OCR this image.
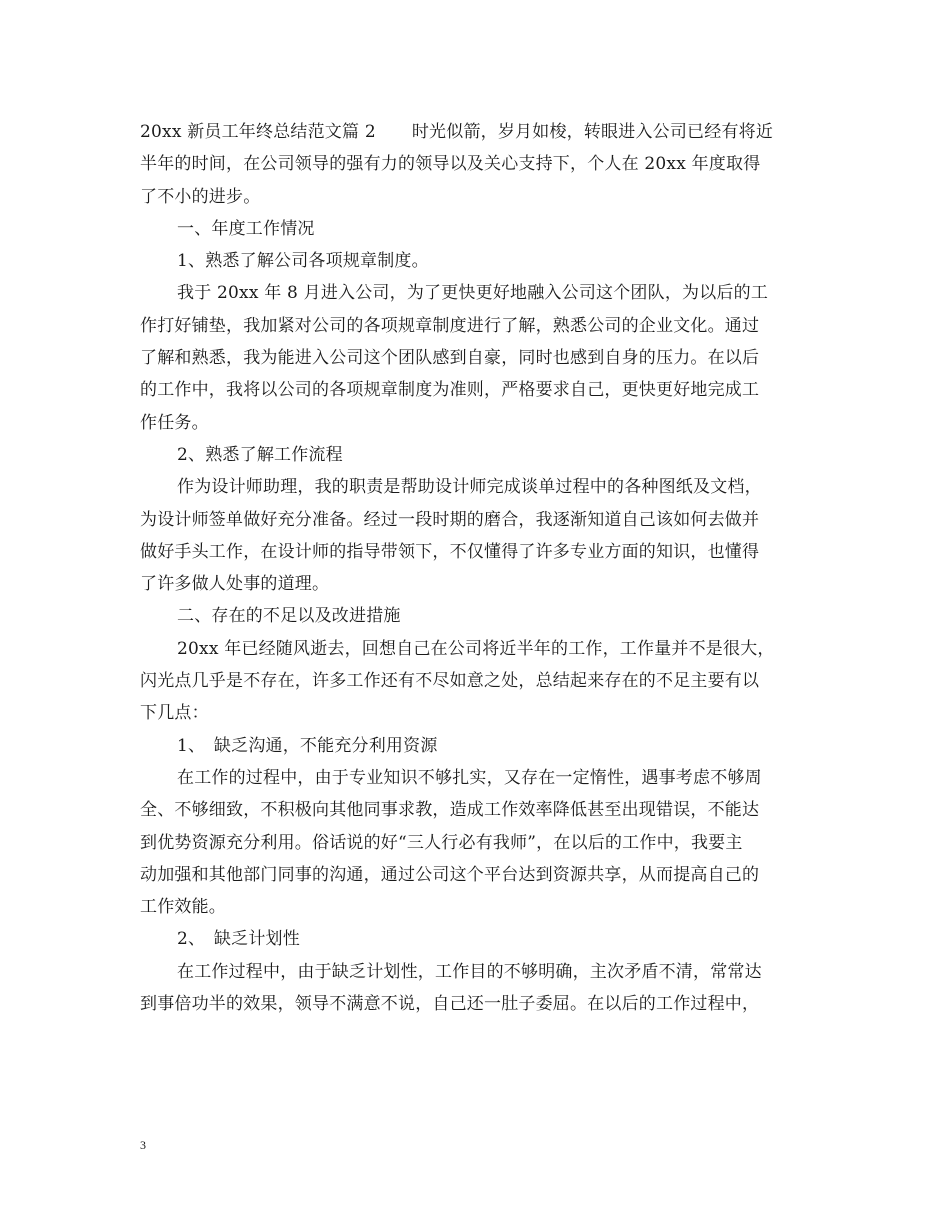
20xx 新员工年终总结范文篇 2 时光似箭，岁月如梭，转眼进入公司已经有将近
半年的时间，在公司领导的强有力的领导以及关心支持下，个人在 20xx 年度取得
了不小的进步。
一、年度工作情况
1、熟悉了解公司各项规章制度。
我于 20xx 年 8 月进入公司，为了更快更好地融入公司这个团队，为以后的工
作打好铺垫，我加紧对公司的各项规章制度进行了解，熟悉公司的企业文化。通过
了解和熟悉，我为能进入公司这个团队感到自豪，同时也感到自身的压力。在以后
的工作中，我将以公司的各项规章制度为准则，严格要求自己，更快更好地完成工
作任务。
2、熟悉了解工作流程
作为设计师助理，我的职责是帮助设计师完成谈单过程中的各种图纸及文档，
为设计师签单做好充分准备。经过一段时期的磨合，我逐渐知道自己该如何去做并
做好手头工作，在设计师的指导带领下，不仅懂得了许多专业方面的知识，也懂得
了许多做人处事的道理。
二、存在的不足以及改进措施
20xx 年已经随风逝去，回想自己在公司将近半年的工作，工作量并不是很大，
闪光点几乎是不存在，许多工作还有不尽如意之处，总结起来存在的不足主要有以
下几点：
1、　缺乏沟通，不能充分利用资源
在工作的过程中，由于专业知识不够扎实，又存在一定惰性，遇事考虑不够周
全、不够细致，不积极向其他同事求教，造成工作效率降低甚至出现错误，不能达
到优势资源充分利用。俗话说的好“三人行必有我师”，在以后的工作中，我要主
动加强和其他部门同事的沟通，通过公司这个平台达到资源共享，从而提高自己的
工作效能。
2、　缺乏计划性
在工作过程中，由于缺乏计划性，工作目的不够明确，主次矛盾不清，常常达
到事倍功半的效果，领导不满意不说，自己还一肚子委屈。在以后的工作过程中，
3
